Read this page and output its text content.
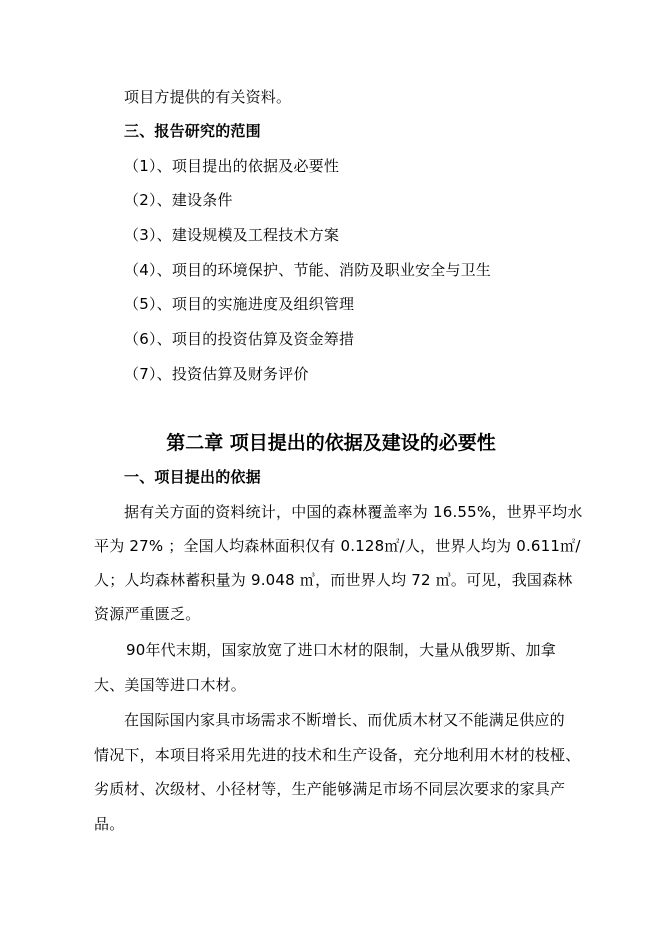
项目方提供的有关资料。
三、报告研究的范围
（1）、项目提出的依据及必要性
（2）、建设条件
（3）、建设规模及工程技术方案
（4）、项目的环境保护、节能、消防及职业安全与卫生
（5）、项目的实施进度及组织管理
（6）、项目的投资估算及资金筹措
（7）、投资估算及财务评价
第二章 项目提出的依据及建设的必要性
一、项目提出的依据
据有关方面的资料统计，中国的森林覆盖率为 16.55%，世界平均水
平为 27% ；全国人均森林面积仅有 0.128㎡/人，世界人均为 0.611㎡/
人；人均森林蓄积量为 9.048 ㎥，而世界人均 72 ㎥。可见，我国森林
资源严重匮乏。
90年代末期，国家放宽了进口木材的限制，大量从俄罗斯、加拿
大、美国等进口木材。
在国际国内家具市场需求不断增长、而优质木材又不能满足供应的
情况下，本项目将采用先进的技术和生产设备，充分地利用木材的枝桠、
劣质材、次级材、小径材等，生产能够满足市场不同层次要求的家具产
品。
